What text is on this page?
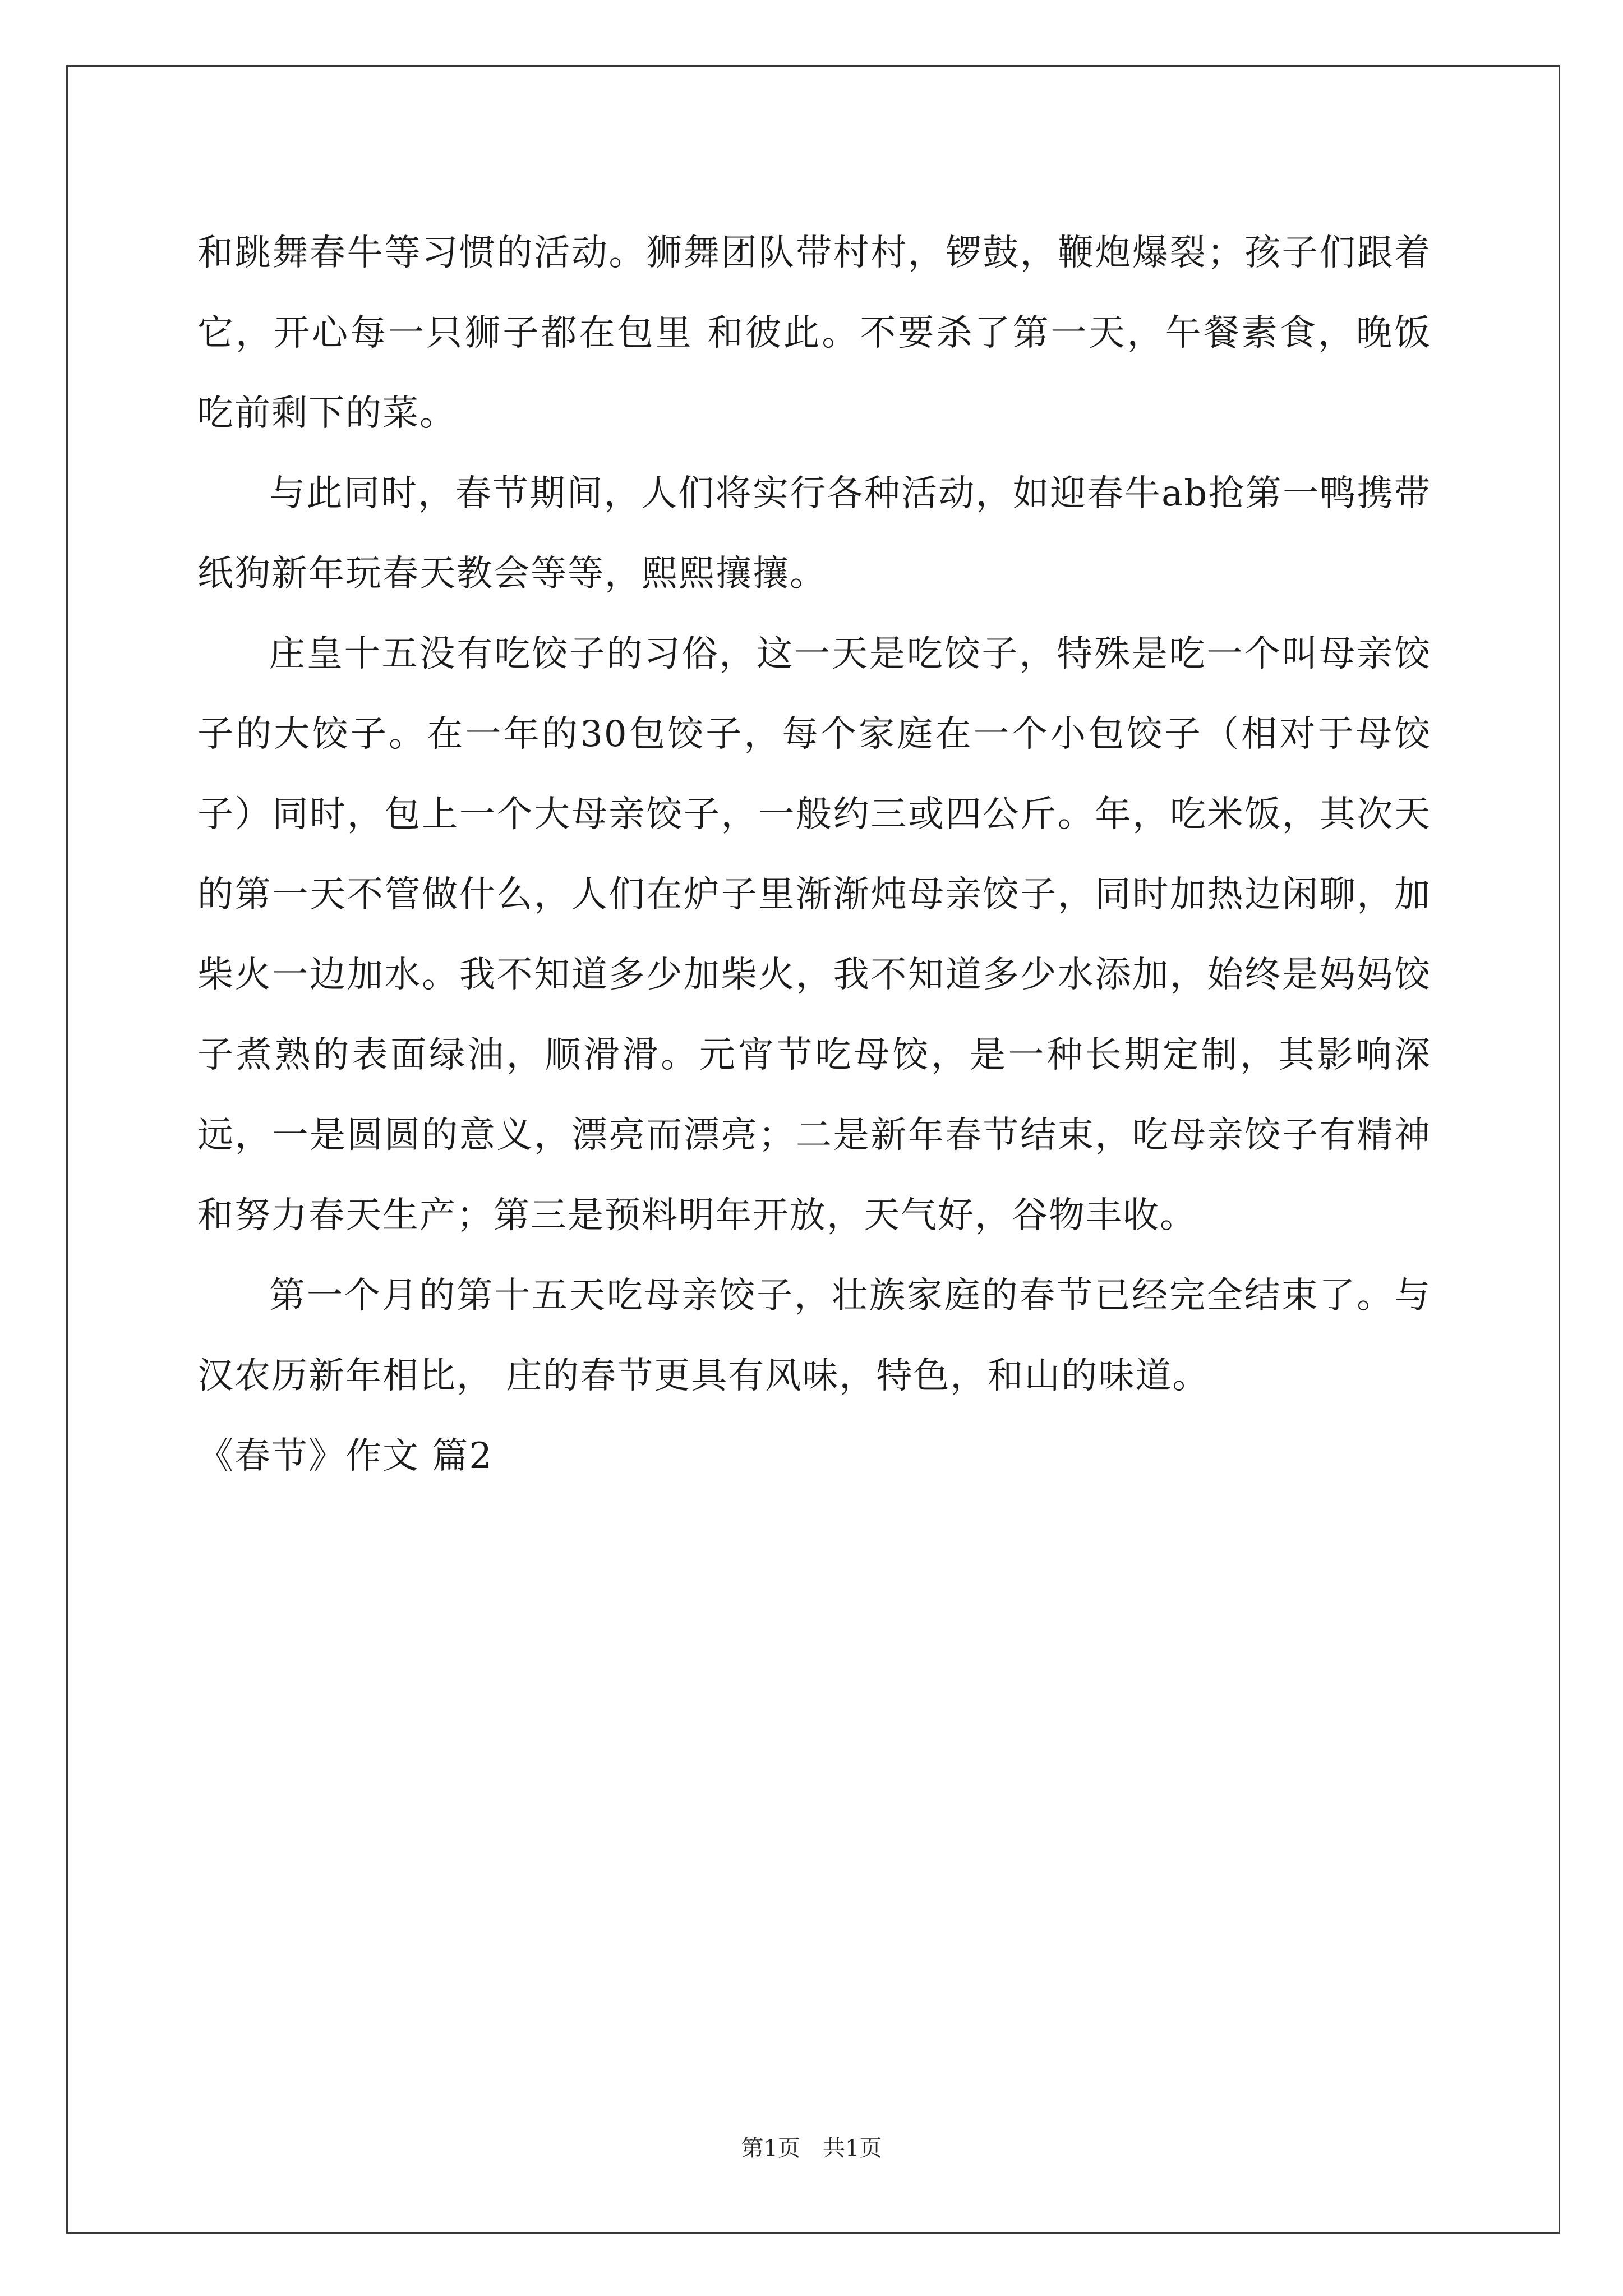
和跳舞春牛等习惯的活动。狮舞团队带村村，锣鼓，鞭炮爆裂；孩子们跟着它，开心每一只狮子都在包里 和彼此。不要杀了第一天，午餐素食，晚饭吃前剩下的菜。

与此同时，春节期间，人们将实行各种活动，如迎春牛ab抢第一鸭携带纸狗新年玩春天教会等等，熙熙攘攘。

庄皇十五没有吃饺子的习俗，这一天是吃饺子，特殊是吃一个叫母亲饺子的大饺子。在一年的30包饺子，每个家庭在一个小包饺子（相对于母饺子）同时，包上一个大母亲饺子，一般约三或四公斤。年，吃米饭，其次天的第一天不管做什么，人们在炉子里渐渐炖母亲饺子，同时加热边闲聊，加柴火一边加水。我不知道多少加柴火，我不知道多少水添加，始终是妈妈饺子煮熟的表面绿油，顺滑滑。元宵节吃母饺，是一种长期定制，其影响深远，一是圆圆的意义，漂亮而漂亮；二是新年春节结束，吃母亲饺子有精神和努力春天生产；第三是预料明年开放，天气好，谷物丰收。

第一个月的第十五天吃母亲饺子，壮族家庭的春节已经完全结束了。与汉农历新年相比， 庄的春节更具有风味，特色，和山的味道。

《春节》作文 篇2

第1页 共1页
